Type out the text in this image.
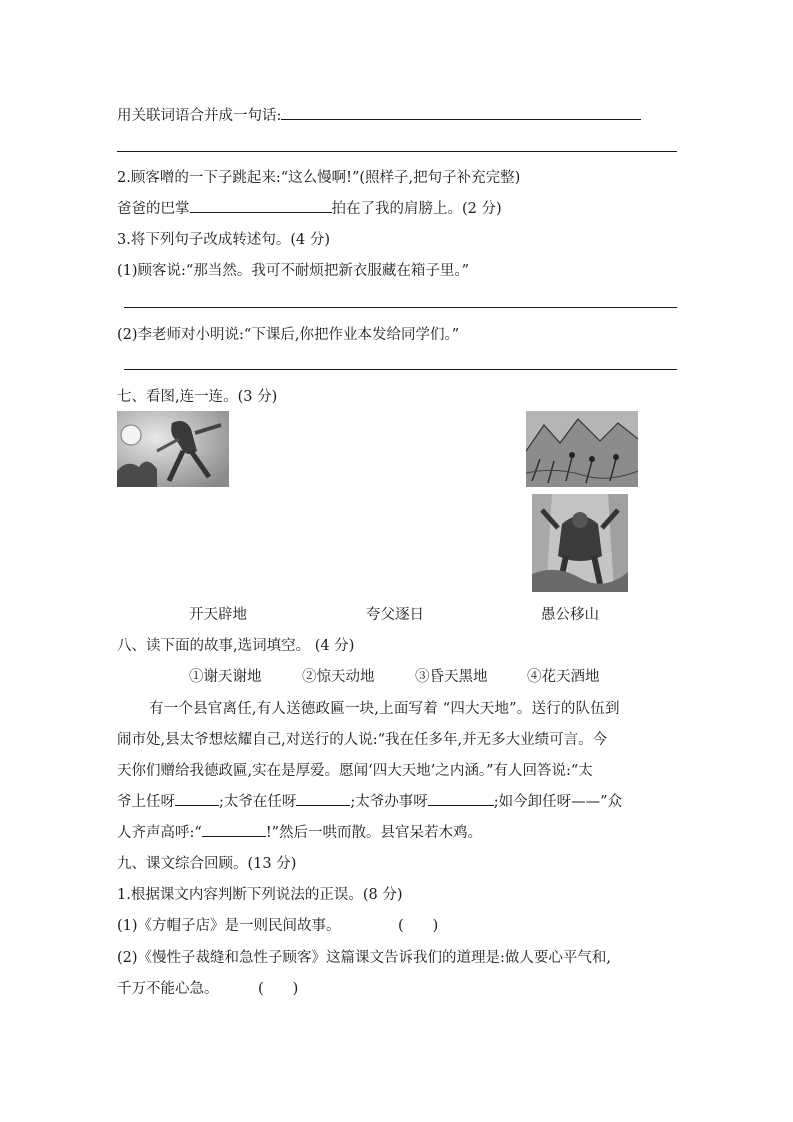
用关联词语合并成一句话:
2.顾客噌的一下子跳起来:“这么慢啊!”(照样子,把句子补充完整)
爸爸的巴掌	拍在了我的肩膀上。(2 分)
3.将下列句子改成转述句。(4 分)
(1)顾客说:“那当然。我可不耐烦把新衣服藏在箱子里。”
(2)李老师对小明说:“下课后,你把作业本发给同学们。”
七、看图,连一连。(3 分)
开天辟地	夸父逐日	愚公移山
八、读下面的故事,选词填空。 (4 分)
①谢天谢地	②惊天动地	③昏天黑地	④花天酒地
有一个县官离任,有人送德政匾一块,上面写着 “四大天地”。送行的队伍到
闹市处,县太爷想炫耀自己,对送行的人说:“我在任多年,并无多大业绩可言。今
天你们赠给我德政匾,实在是厚爱。愿闻‘四大天地’之内涵。”有人回答说:“太
爷上任呀	;太爷在任呀	;太爷办事呀	;如今卸任呀——”众
人齐声高呼:“	!”然后一哄而散。县官呆若木鸡。
九、课文综合回顾。(13 分)
1.根据课文内容判断下列说法的正误。(8 分)
(1)《方帽子店》是一则民间故事。	(　　)
(2)《慢性子裁缝和急性子顾客》这篇课文告诉我们的道理是:做人要心平气和,
千万不能心急。	(　　)
